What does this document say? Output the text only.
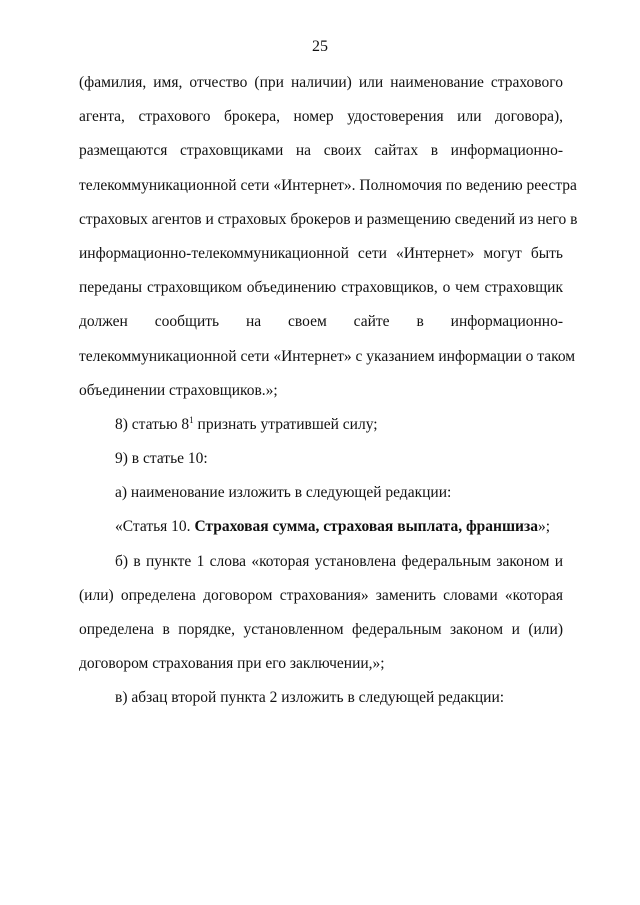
25
(фамилия, имя, отчество (при наличии) или наименование страхового
агента, страхового брокера, номер удостоверения или договора),
размещаются страховщиками на своих сайтах в информационно-
телекоммуникационной сети «Интернет». Полномочия по ведению реестра
страховых агентов и страховых брокеров и размещению сведений из него в
информационно-телекоммуникационной сети «Интернет» могут быть
переданы страховщиком объединению страховщиков, о чем страховщик
должен сообщить на своем сайте в информационно-
телекоммуникационной сети «Интернет» с указанием информации о таком
объединении страховщиков.»;
8) статью $8^1$ признать утратившей силу;
9) в статье 10:
а) наименование изложить в следующей редакции:
«Статья 10. Страховая сумма, страховая выплата, франшиза»;
б) в пункте 1 слова «которая установлена федеральным законом и
(или) определена договором страхования» заменить словами «которая
определена в порядке, установленном федеральным законом и (или)
договором страхования при его заключении,»;
в) абзац второй пункта 2 изложить в следующей редакции:
